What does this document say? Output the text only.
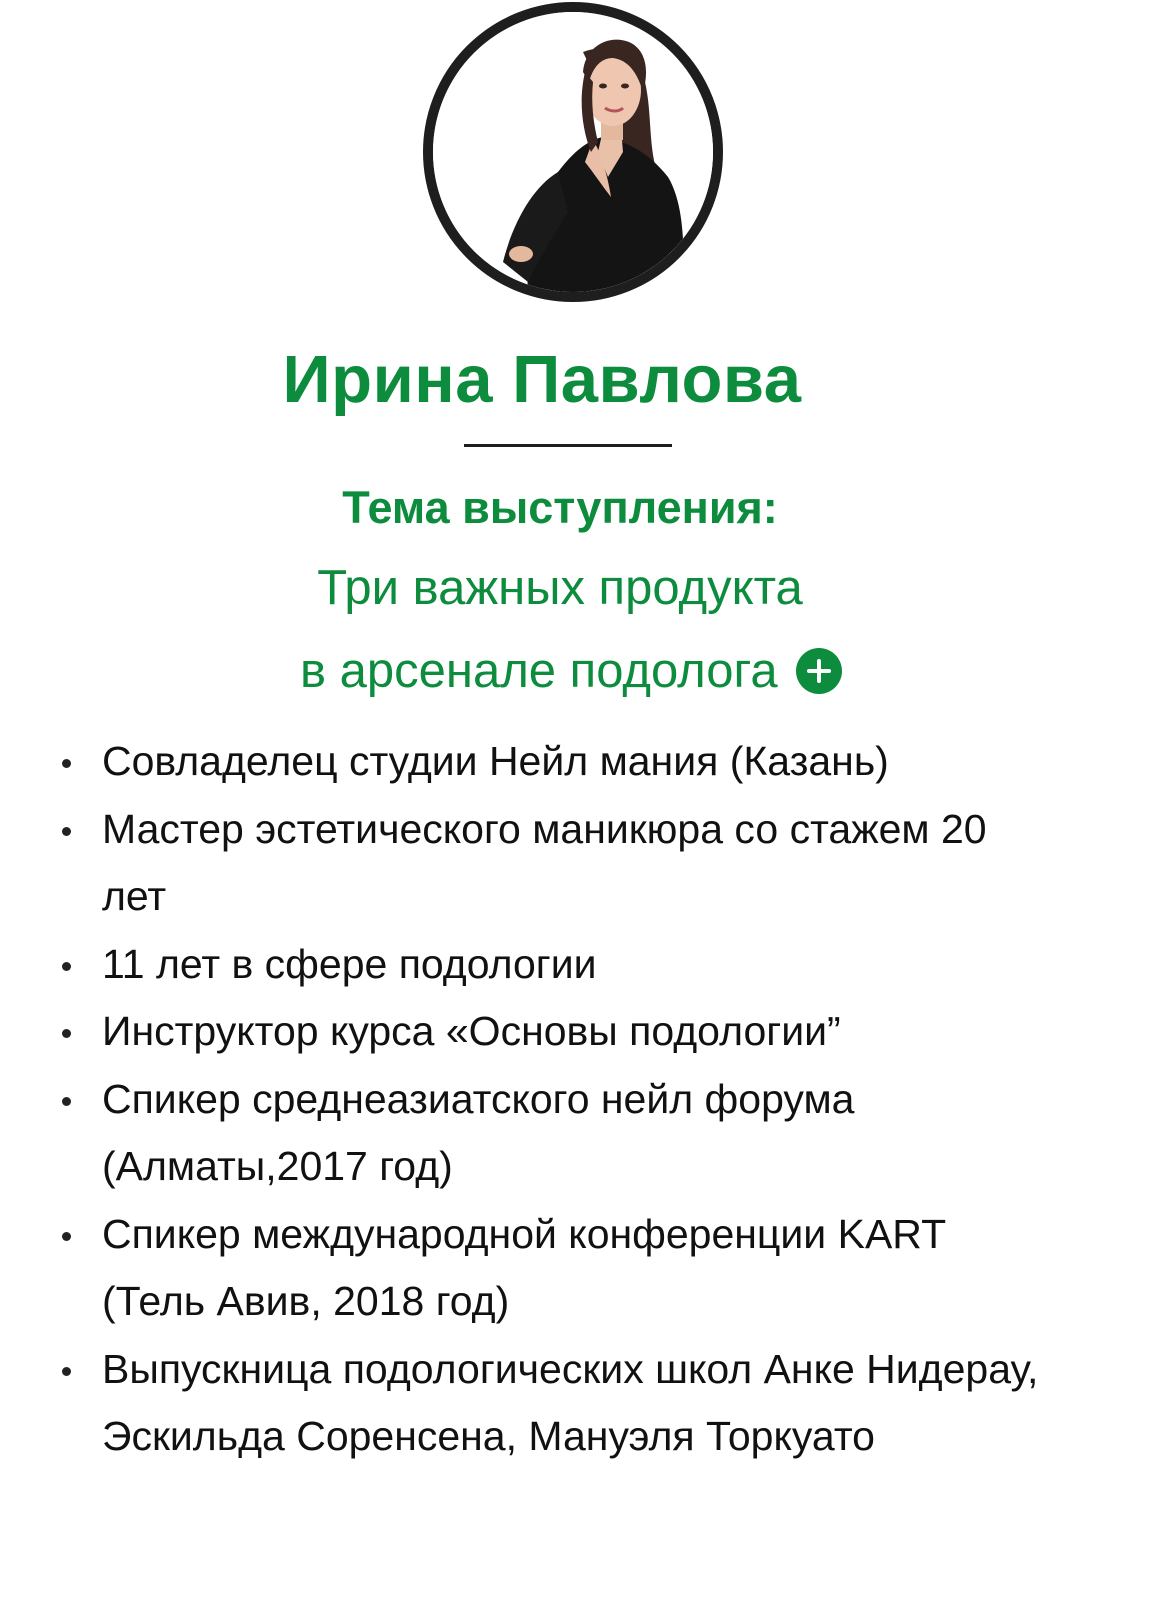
Ирина Павлова
Тема выступления:
Три важных продукта
в арсенале подолога
Совладелец студии Нейл мания (Казань)
Мастер эстетического маникюра со стажем 20 лет
11 лет в сфере подологии
Инструктор курса «Основы подологии”
Спикер среднеазиатского нейл форума (Алматы,2017 год)
Спикер международной конференции KART (Тель Авив, 2018 год)
Выпускница подологических школ Анке Нидерау, Эскильда Соренсена, Мануэля Торкуато
